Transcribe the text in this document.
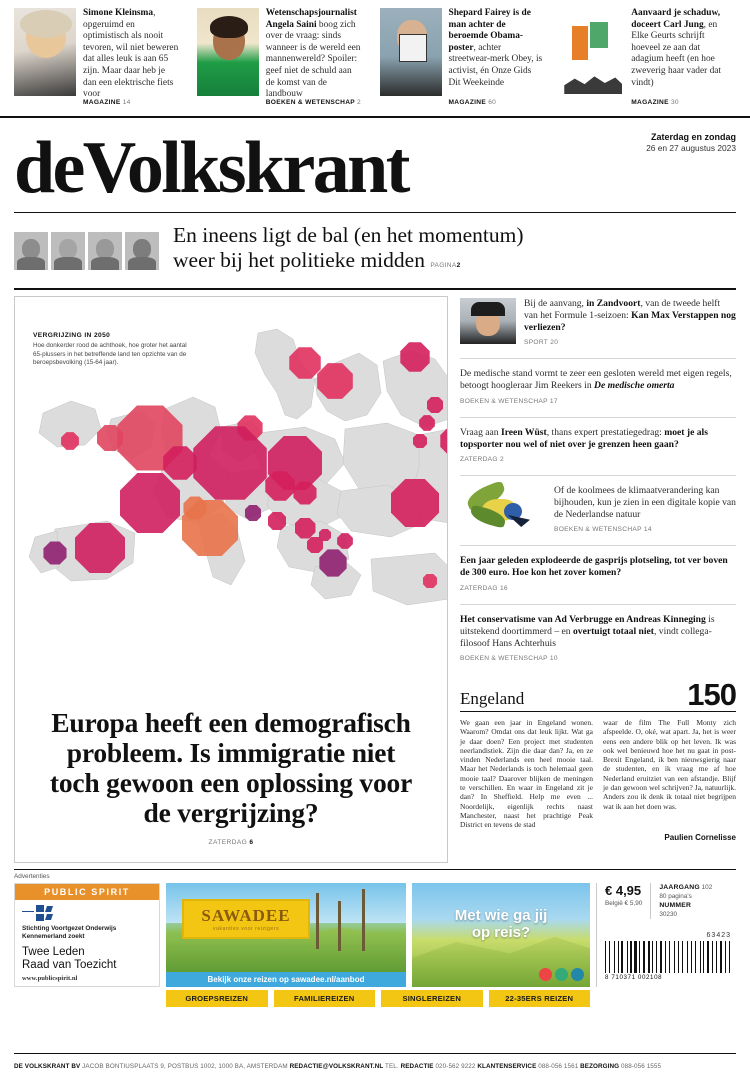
Simone Kleinsma, opgeruimd en optimistisch als nooit tevoren, wil niet beweren dat alles leuk is aan 65 zijn. Maar daar heb je dan een elektrische fiets voor
MAGAZINE 14
Wetenschapsjournalist Angela Saini boog zich over de vraag: sinds wanneer is de wereld een mannenwereld? Spoiler: geef niet de schuld aan de komst van de landbouw
BOEKEN & WETENSCHAP 2
Shepard Fairey is de man achter de beroemde Obama-poster, achter streetwear-merk Obey, is activist, én Onze Gids Dit Weekeinde
MAGAZINE 60
Aanvaard je schaduw, doceert Carl Jung, en Elke Geurts schrijft hoeveel ze aan dat adagium heeft (en hoe zweverig haar vader dat vindt)
MAGAZINE 30
Zaterdag en zondag
26 en 27 augustus 2023
deVolkskrant
En ineens ligt de bal (en het momentum)
weer bij het politieke midden PAGINA2
VERGRIJZING IN 2050

Hoe donkerder rood de achthoek, hoe groter het aantal 65-plussers in het betreffende land ten opzichte van de beroepsbevolking (15-64 jaar).

Europa heeft een demografisch probleem. Is immigratie niet toch gewoon een oplossing voor de vergrijzing?
ZATERDAG 6
Bij de aanvang, in Zandvoort, van de tweede helft van het Formule 1-seizoen: Kan Max Verstappen nog verliezen?
SPORT 20
De medische stand vormt te zeer een gesloten wereld met eigen regels, betoogt hoogleraar Jim Reekers in De medische omerta
BOEKEN & WETENSCHAP 17
Vraag aan Ireen Wüst, thans expert prestatiegedrag: moet je als topsporter nou wel of niet over je grenzen heen gaan?
ZATERDAG 2
Of de koolmees de klimaatverandering kan bijhouden, kun je zien in een digitale kopie van de Nederlandse natuur
BOEKEN & WETENSCHAP 14
Een jaar geleden explodeerde de gasprijs plotseling, tot ver boven de 300 euro. Hoe kon het zover komen?
ZATERDAG 16
Het conservatisme van Ad Verbrugge en Andreas Kinneging is uitstekend doortimmerd – en overtuigt totaal niet, vindt collega-filosoof Hans Achterhuis
BOEKEN & WETENSCHAP 10
Engeland	150
We gaan een jaar in Engeland wonen. Waarom? Omdat ons dat leuk lijkt. Wat ga je daar doen? Een project met studenten neerlandistiek. Zijn die daar dan? Ja, en ze vinden Nederlands een heel mooie taal. Maar het Nederlands is toch helemaal geen mooie taal? Daarover blijken de meningen te verschillen. En waar in Engeland zit je dan? In Sheffield. Help me even ... Noordelijk, eigenlijk rechts naast Manchester, naast het prachtige Peak District en tevens de stad
waar de film The Full Monty zich afspeelde. O, oké, wat apart. Ja, het is weer eens een andere blik op het leven. Ik was ook wel benieuwd hoe het nu gaat in post-Brexit Engeland, ik ben nieuwsgierig naar de studenten, en ik vraag me af hoe Nederland eruitziet van een afstandje. Blijf je dan gewoon wel schrijven? Ja, natuurlijk. Anders zou ik denk ik totaal niet begrijpen wat ik aan het doen was.
Paulien Cornelisse
Advertenties
PUBLIC SPIRIT
Stichting Voortgezet Onderwijs Kennemerland zoekt
Twee Leden
Raad van Toezicht
www.publicspirit.nl
SAWADEE
vakanties voor reizigers
Bekijk onze reizen op sawadee.nl/aanbod
Met wie ga jij
op reis?
€ 4,95
België € 5,90
JAARGANG 102
80 pagina's
NUMMER
30230
63423
8 710371 002108
GROEPSREIZEN	FAMILIEREIZEN	SINGLEREIZEN	22-35ERS REIZEN
DE VOLKSKRANT BV JACOB BONTIUSPLAATS 9, POSTBUS 1002, 1000 BA, AMSTERDAM REDACTIE@VOLKSKRANT.NL TEL. REDACTIE 020-562 9222 KLANTENSERVICE 088-056 1561 BEZORGING 088-056 1555
